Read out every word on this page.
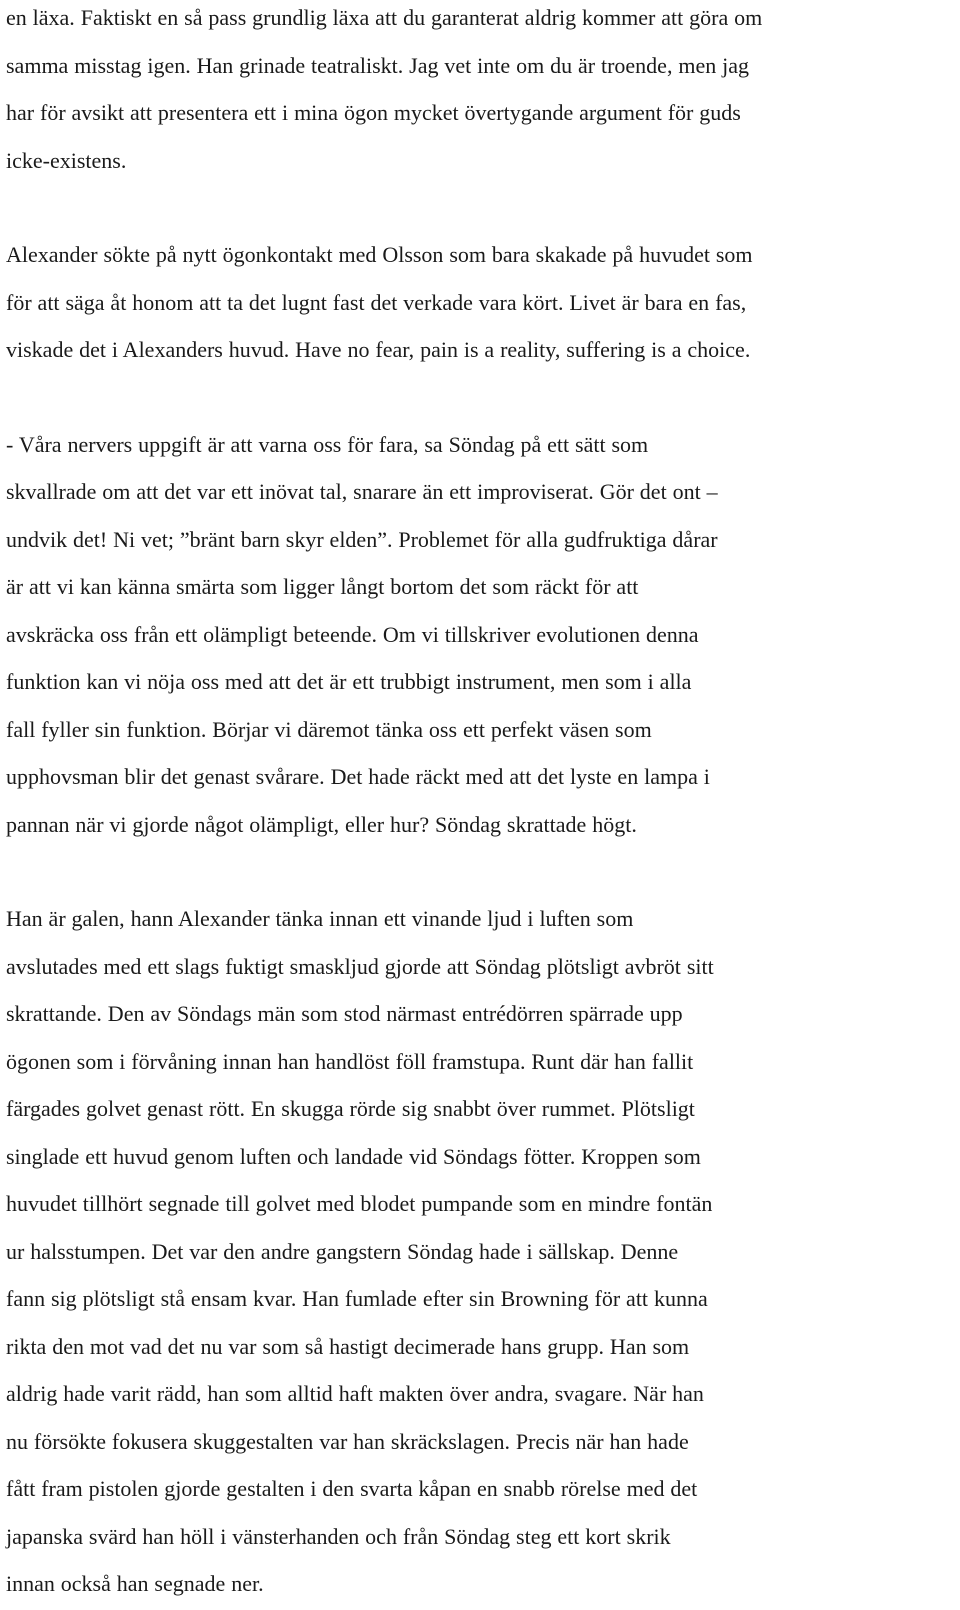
en läxa. Faktiskt en så pass grundlig läxa att du garanterat aldrig kommer att göra om
samma misstag igen. Han grinade teatraliskt. Jag vet inte om du är troende, men jag
har för avsikt att presentera ett i mina ögon mycket övertygande argument för guds
icke-existens.

Alexander sökte på nytt ögonkontakt med Olsson som bara skakade på huvudet som
för att säga åt honom att ta det lugnt fast det verkade vara kört. Livet är bara en fas,
viskade det i Alexanders huvud. Have no fear, pain is a reality, suffering is a choice.

- Våra nervers uppgift är att varna oss för fara, sa Söndag på ett sätt som
skvallrade om att det var ett inövat tal, snarare än ett improviserat. Gör det ont –
undvik det! Ni vet; ”bränt barn skyr elden”. Problemet för alla gudfruktiga dårar
är att vi kan känna smärta som ligger långt bortom det som räckt för att
avskräcka oss från ett olämpligt beteende. Om vi tillskriver evolutionen denna
funktion kan vi nöja oss med att det är ett trubbigt instrument, men som i alla
fall fyller sin funktion. Börjar vi däremot tänka oss ett perfekt väsen som
upphovsman blir det genast svårare. Det hade räckt med att det lyste en lampa i
pannan när vi gjorde något olämpligt, eller hur? Söndag skrattade högt.

Han är galen, hann Alexander tänka innan ett vinande ljud i luften som
avslutades med ett slags fuktigt smaskljud gjorde att Söndag plötsligt avbröt sitt
skrattande. Den av Söndags män som stod närmast entrédörren spärrade upp
ögonen som i förvåning innan han handlöst föll framstupa. Runt där han fallit
färgades golvet genast rött. En skugga rörde sig snabbt över rummet. Plötsligt
singlade ett huvud genom luften och landade vid Söndags fötter. Kroppen som
huvudet tillhört segnade till golvet med blodet pumpande som en mindre fontän
ur halsstumpen. Det var den andre gangstern Söndag hade i sällskap. Denne
fann sig plötsligt stå ensam kvar. Han fumlade efter sin Browning för att kunna
rikta den mot vad det nu var som så hastigt decimerade hans grupp. Han som
aldrig hade varit rädd, han som alltid haft makten över andra, svagare. När han
nu försökte fokusera skuggestalten var han skräckslagen. Precis när han hade
fått fram pistolen gjorde gestalten i den svarta kåpan en snabb rörelse med det
japanska svärd han höll i vänsterhanden och från Söndag steg ett kort skrik
innan också han segnade ner.
